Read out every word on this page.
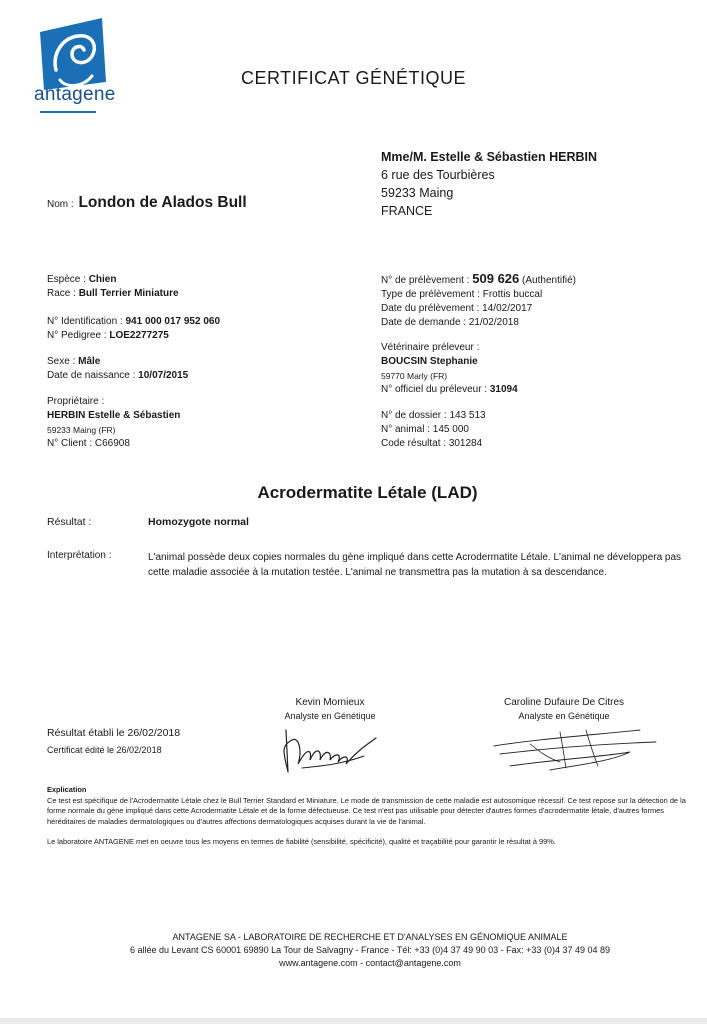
antagene
CERTIFICAT GÉNÉTIQUE
Mme/M. Estelle & Sébastien HERBIN
6 rue des Tourbières
59233 Maing
FRANCE
Nom : London de Alados Bull
Espèce : Chien
Race : Bull Terrier Miniature
N° Identification : 941 000 017 952 060
N° Pedigree : LOE2277275
Sexe : Mâle
Date de naissance : 10/07/2015
Propriétaire :
HERBIN Estelle & Sébastien
59233 Maing (FR)
N° Client : C66908
N° de prélèvement : 509 626 (Authentifié)
Type de prélèvement : Frottis buccal
Date du prélèvement : 14/02/2017
Date de demande : 21/02/2018
Vétérinaire préleveur :
BOUCSIN Stephanie
59770 Marly (FR)
N° officiel du préleveur : 31094
N° de dossier : 143 513
N° animal : 145 000
Code résultat : 301284
Acrodermatite Létale (LAD)
Résultat :	Homozygote normal
Interprétation :	L'animal possède deux copies normales du gène impliqué dans cette Acrodermatite Létale. L'animal ne développera pas cette maladie associée à la mutation testée. L'animal ne transmettra pas la mutation à sa descendance.
Kevin Mornieux
Analyste en Génétique
Caroline Dufaure De Citres
Analyste en Génétique
Résultat établi le 26/02/2018
Certificat édité le 26/02/2018
Explication
Ce test est spécifique de l'Acrodermatite Létale chez le Bull Terrier Standard et Miniature. Le mode de transmission de cette maladie est autosomique récessif. Ce test repose sur la détection de la forme normale du gène impliqué dans cette Acrodermatite Létale et de la forme défectueuse. Ce test n'est pas utilisable pour détecter d'autres formes d'acrodermatite létale, d'autres formes héréditaires de maladies dermatologiques ou d'autres affections dermatologiques acquises durant la vie de l'animal.
Le laboratoire ANTAGENE met en oeuvre tous les moyens en termes de fiabilité (sensibilité, spécificité), qualité et traçabilité pour garantir le résultat à 99%.
ANTAGENE SA - LABORATOIRE DE RECHERCHE ET D'ANALYSES EN GÉNOMIQUE ANIMALE
6 allée du Levant CS 60001 69890 La Tour de Salvagny - France - Tél: +33 (0)4 37 49 90 03 - Fax: +33 (0)4 37 49 04 89
www.antagene.com - contact@antagene.com
